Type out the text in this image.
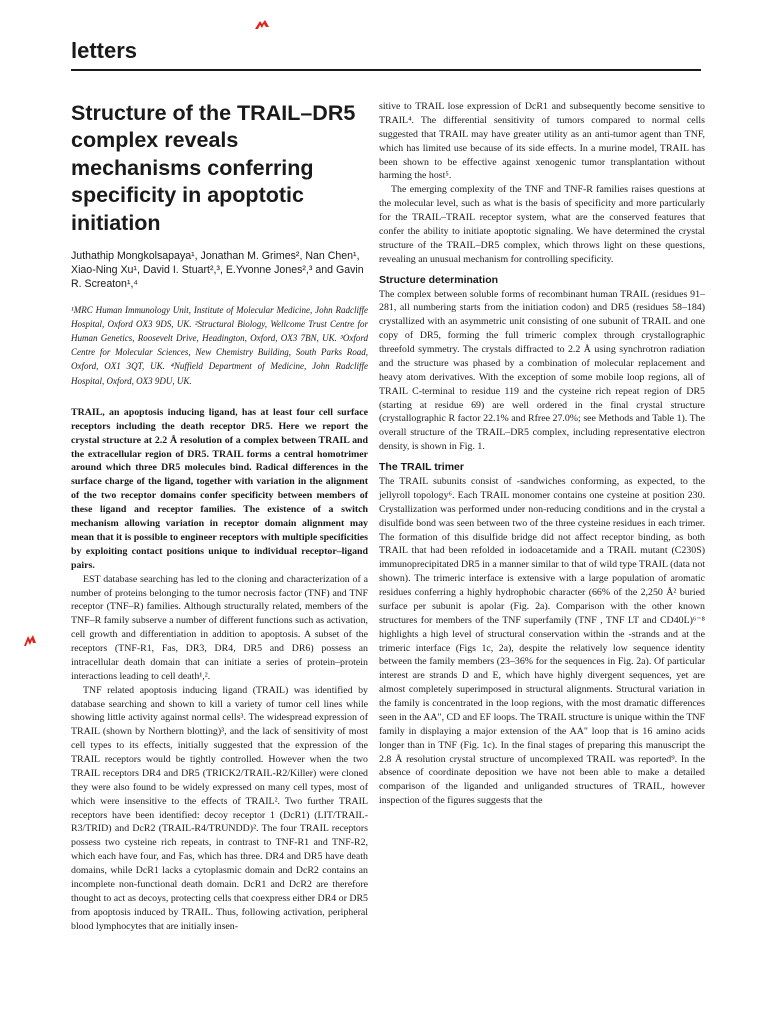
letters
Structure of the TRAIL–DR5 complex reveals mechanisms conferring specificity in apoptotic initiation
Juthathip Mongkolsapaya¹, Jonathan M. Grimes², Nan Chen¹, Xiao-Ning Xu¹, David I. Stuart²,³, E.Yvonne Jones²,³ and Gavin R. Screaton¹,⁴
¹MRC Human Immunology Unit, Institute of Molecular Medicine, John Radcliffe Hospital, Oxford OX3 9DS, UK. ²Structural Biology, Wellcome Trust Centre for Human Genetics, Roosevelt Drive, Headington, Oxford, OX3 7BN, UK. ³Oxford Centre for Molecular Sciences, New Chemistry Building, South Parks Road, Oxford, OX1 3QT, UK. ⁴Nuffield Department of Medicine, John Radcliffe Hospital, Oxford, OX3 9DU, UK.
TRAIL, an apoptosis inducing ligand, has at least four cell surface receptors including the death receptor DR5. Here we report the crystal structure at 2.2 Å resolution of a complex between TRAIL and the extracellular region of DR5. TRAIL forms a central homotrimer around which three DR5 molecules bind. Radical differences in the surface charge of the ligand, together with variation in the alignment of the two receptor domains confer specificity between members of these ligand and receptor families. The existence of a switch mechanism allowing variation in receptor domain alignment may mean that it is possible to engineer receptors with multiple specificities by exploiting contact positions unique to individual receptor–ligand pairs.

EST database searching has led to the cloning and characterization of a number of proteins belonging to the tumor necrosis factor (TNF) and TNF receptor (TNF–R) families. Although structurally related, members of the TNF–R family subserve a number of different functions such as activation, cell growth and differentiation in addition to apoptosis. A subset of the receptors (TNF-R1, Fas, DR3, DR4, DR5 and DR6) possess an intracellular death domain that can initiate a series of protein–protein interactions leading to cell death¹,².

TNF related apoptosis inducing ligand (TRAIL) was identified by database searching and shown to kill a variety of tumor cell lines while showing little activity against normal cells³. The widespread expression of TRAIL (shown by Northern blotting)³, and the lack of sensitivity of most cell types to its effects, initially suggested that the expression of the TRAIL receptors would be tightly controlled. However when the two TRAIL receptors DR4 and DR5 (TRICK2/TRAIL-R2/Killer) were cloned they were also found to be widely expressed on many cell types, most of which were insensitive to the effects of TRAIL². Two further TRAIL receptors have been identified: decoy receptor 1 (DcR1) (LIT/TRAIL-R3/TRID) and DcR2 (TRAIL-R4/TRUNDD)². The four TRAIL receptors possess two cysteine rich repeats, in contrast to TNF-R1 and TNF-R2, which each have four, and Fas, which has three. DR4 and DR5 have death domains, while DcR1 lacks a cytoplasmic domain and DcR2 contains an incomplete non-functional death domain. DcR1 and DcR2 are therefore thought to act as decoys, protecting cells that coexpress either DR4 or DR5 from apoptosis induced by TRAIL. Thus, following activation, peripheral blood lymphocytes that are initially insen-

sitive to TRAIL lose expression of DcR1 and subsequently become sensitive to TRAIL⁴. The differential sensitivity of tumors compared to normal cells suggested that TRAIL may have greater utility as an anti-tumor agent than TNF, which has limited use because of its side effects. In a murine model, TRAIL has been shown to be effective against xenogenic tumor transplantation without harming the host⁵.

The emerging complexity of the TNF and TNF-R families raises questions at the molecular level, such as what is the basis of specificity and more particularly for the TRAIL–TRAIL receptor system, what are the conserved features that confer the ability to initiate apoptotic signaling. We have determined the crystal structure of the TRAIL–DR5 complex, which throws light on these questions, revealing an unusual mechanism for controlling specificity.

Structure determination

The complex between soluble forms of recombinant human TRAIL (residues 91–281, all numbering starts from the initiation codon) and DR5 (residues 58–184) crystallized with an asymmetric unit consisting of one subunit of TRAIL and one copy of DR5, forming the full trimeric complex through crystallographic threefold symmetry. The crystals diffracted to 2.2 Å using synchrotron radiation and the structure was phased by a combination of molecular replacement and heavy atom derivatives. With the exception of some mobile loop regions, all of TRAIL C-terminal to residue 119 and the cysteine rich repeat region of DR5 (starting at residue 69) are well ordered in the final crystal structure (crystallographic R factor 22.1% and Rfree 27.0%; see Methods and Table 1). The overall structure of the TRAIL–DR5 complex, including representative electron density, is shown in Fig. 1.

The TRAIL trimer

The TRAIL subunits consist of -sandwiches conforming, as expected, to the jellyroll topology⁶. Each TRAIL monomer contains one cysteine at position 230. Crystallization was performed under non-reducing conditions and in the crystal a disulfide bond was seen between two of the three cysteine residues in each trimer. The formation of this disulfide bridge did not affect receptor binding, as both TRAIL that had been refolded in iodoacetamide and a TRAIL mutant (C230S) immunoprecipitated DR5 in a manner similar to that of wild type TRAIL (data not shown). The trimeric interface is extensive with a large population of aromatic residues conferring a highly hydrophobic character (66% of the 2,250 Å² buried surface per subunit is apolar (Fig. 2a). Comparison with the other known structures for members of the TNF superfamily (TNF , TNF LT and CD40L)⁶⁻⁸ highlights a high level of structural conservation within the -strands and at the trimeric interface (Figs 1c, 2a), despite the relatively low sequence identity between the family members (23–36% for the sequences in Fig. 2a). Of particular interest are strands D and E, which have highly divergent sequences, yet are almost completely superimposed in structural alignments. Structural variation in the family is concentrated in the loop regions, with the most dramatic differences seen in the AA", CD and EF loops. The TRAIL structure is unique within the TNF family in displaying a major extension of the AA" loop that is 16 amino acids longer than in TNF (Fig. 1c). In the final stages of preparing this manuscript the 2.8 Å resolution crystal structure of uncomplexed TRAIL was reported⁹. In the absence of coordinate deposition we have not been able to make a detailed comparison of the liganded and unliganded structures of TRAIL, however inspection of the figures suggests that the
